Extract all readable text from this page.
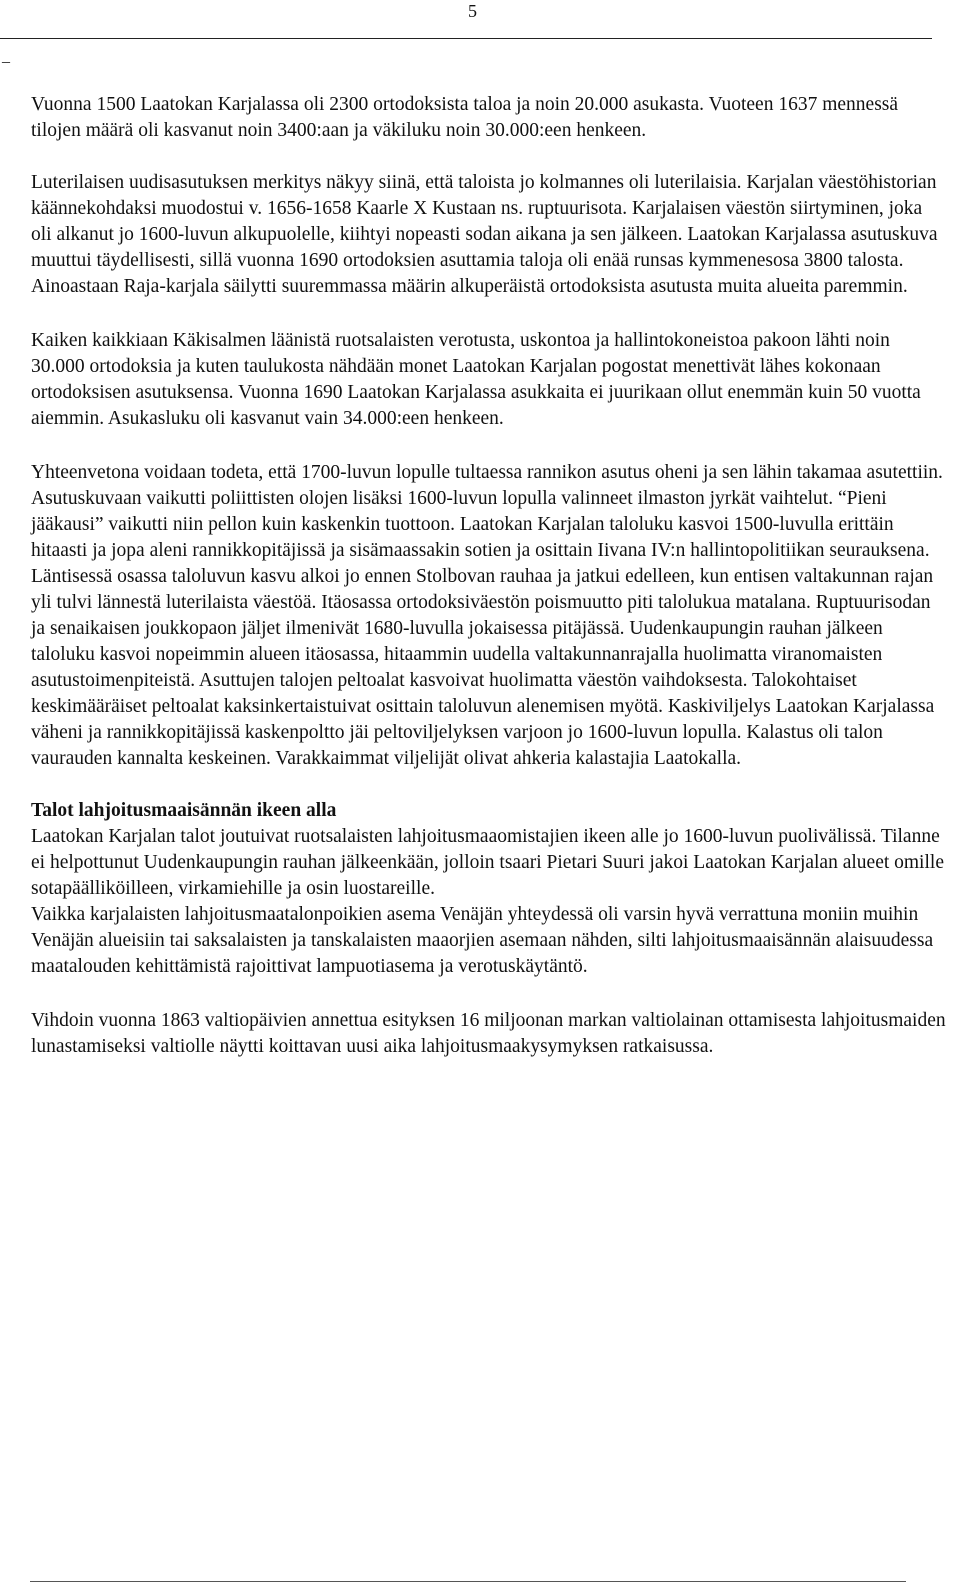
5
_

Vuonna 1500 Laatokan Karjalassa oli 2300 ortodoksista taloa ja noin 20.000 asukasta. Vuoteen 1637 mennessä tilojen määrä oli kasvanut noin 3400:aan ja väkiluku noin 30.000:een henkeen.

Luterilaisen uudisasutuksen merkitys näkyy siinä, että taloista jo kolmannes oli luterilaisia. Karjalan väestöhistorian käännekohdaksi muodostui v. 1656-1658 Kaarle X Kustaan ns. ruptuurisota. Karjalaisen väestön siirtyminen, joka oli alkanut jo 1600-luvun alkupuolelle, kiihtyi nopeasti sodan aikana ja sen jälkeen. Laatokan Karjalassa asutuskuva muuttui täydellisesti, sillä vuonna 1690 ortodoksien asuttamia taloja oli enää runsas kymmenesosa 3800 talosta. Ainoastaan Raja-karjala säilytti suuremmassa määrin alkuperäistä ortodoksista asutusta muita alueita paremmin.

Kaiken kaikkiaan Käkisalmen läänistä ruotsalaisten verotusta, uskontoa ja hallintokoneistoa pakoon lähti noin 30.000 ortodoksia ja kuten taulukosta nähdään monet Laatokan Karjalan pogostat menettivät lähes kokonaan ortodoksisen asutuksensa. Vuonna 1690 Laatokan Karjalassa asukkaita ei juurikaan ollut enemmän kuin 50 vuotta aiemmin. Asukasluku oli kasvanut vain 34.000:een henkeen.

Yhteenvetona voidaan todeta, että 1700-luvun lopulle tultaessa rannikon asutus oheni ja sen lähin takamaa asutettiin. Asutuskuvaan vaikutti poliittisten olojen lisäksi 1600-luvun lopulla valinneet ilmaston jyrkät vaihtelut. “Pieni jääkausi” vaikutti niin pellon kuin kaskenkin tuottoon. Laatokan Karjalan taloluku kasvoi 1500-luvulla erittäin hitaasti ja jopa aleni rannikkopitäjissä ja sisämaassakin sotien ja osittain Iivana IV:n hallintopolitiikan seurauksena. Läntisessä osassa taloluvun kasvu alkoi jo ennen Stolbovan rauhaa ja jatkui edelleen, kun entisen valtakunnan rajan yli tulvi lännestä luterilaista väestöä. Itäosassa ortodoksiväestön poismuutto piti talolukua matalana. Ruptuurisodan ja senaikaisen joukkopaon jäljet ilmenivät 1680-luvulla jokaisessa pitäjässä. Uudenkaupungin rauhan jälkeen taloluku kasvoi nopeimmin alueen itäosassa, hitaammin uudella valtakunnanrajalla huolimatta viranomaisten asutustoimenpiteistä. Asuttujen talojen peltoalat kasvoivat huolimatta väestön vaihdoksesta. Talokohtaiset keskimääräiset peltoalat kaksinkertaistuivat osittain taloluvun alenemisen myötä. Kaskiviljelys Laatokan Karjalassa väheni ja rannikkopitäjissä kaskenpoltto jäi peltoviljelyksen varjoon jo 1600-luvun lopulla. Kalastus oli talon vaurauden kannalta keskeinen. Varakkaimmat viljelijät olivat ahkeria kalastajia Laatokalla.

Talot lahjoitusmaaisännän ikeen alla

Laatokan Karjalan talot joutuivat ruotsalaisten lahjoitusmaaomistajien ikeen alle jo 1600-luvun puolivälissä. Tilanne ei helpottunut Uudenkaupungin rauhan jälkeenkään, jolloin tsaari Pietari Suuri jakoi Laatokan Karjalan alueet omille sotapäälliköilleen, virkamiehille ja osin luostareille.

Vaikka karjalaisten lahjoitusmaatalonpoikien asema Venäjän yhteydessä oli varsin hyvä verrattuna moniin muihin Venäjän alueisiin tai saksalaisten ja tanskalaisten maaorjien asemaan nähden, silti lahjoitusmaaisännän alaisuudessa maatalouden kehittämistä rajoittivat lampuotiasema ja verotuskäytäntö.

Vihdoin vuonna 1863 valtiopäivien annettua esityksen 16 miljoonan markan valtiolainan ottamisesta lahjoitusmaiden lunastamiseksi valtiolle näytti koittavan uusi aika lahjoitusmaakysymyksen ratkaisussa.
